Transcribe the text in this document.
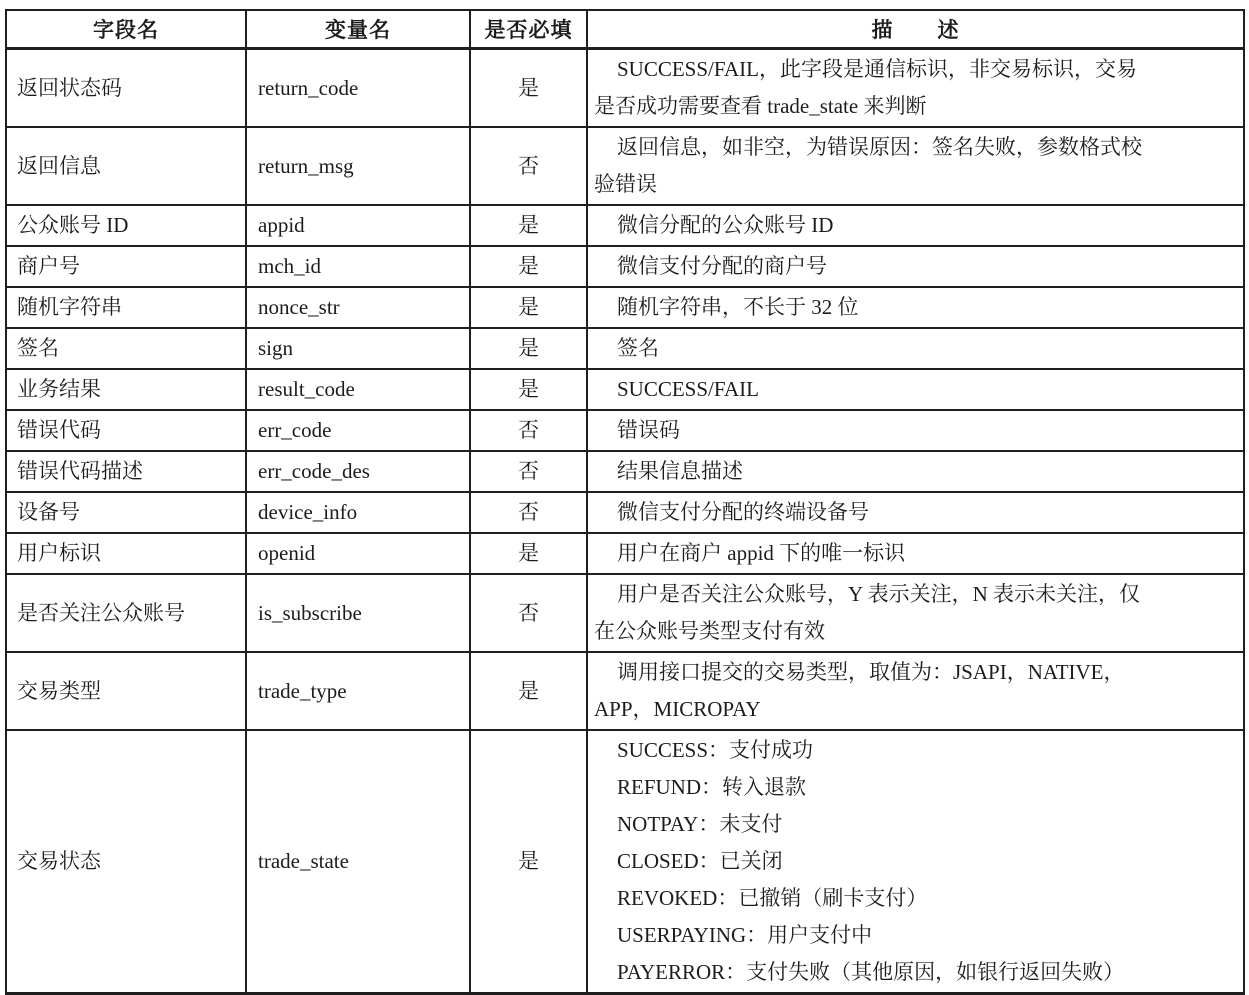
字段名	变量名	是否必填	描　　述
返回状态码	return_code	是	SUCCESS/FAIL，此字段是通信标识，非交易标识，交易
是否成功需要查看 trade_state 来判断

返回信息	return_msg	否	返回信息，如非空，为错误原因：签名失败，参数格式校
验错误

公众账号 ID	appid	是	微信分配的公众账号 ID

商户号	mch_id	是	微信支付分配的商户号

随机字符串	nonce_str	是	随机字符串，不长于 32 位

签名	sign	是	签名

业务结果	result_code	是	SUCCESS/FAIL

错误代码	err_code	否	错误码

错误代码描述	err_code_des	否	结果信息描述

设备号	device_info	否	微信支付分配的终端设备号

用户标识	openid	是	用户在商户 appid 下的唯一标识

是否关注公众账号	is_subscribe	否	用户是否关注公众账号，Y 表示关注，N 表示未关注，仅
在公众账号类型支付有效

交易类型	trade_type	是	调用接口提交的交易类型，取值为：JSAPI，NATIVE，
APP，MICROPAY

交易状态	trade_state	是	
SUCCESS：支付成功
REFUND：转入退款
NOTPAY：未支付
CLOSED：已关闭
REVOKED：已撤销（刷卡支付）
USERPAYING：用户支付中
PAYERROR：支付失败（其他原因，如银行返回失败）
